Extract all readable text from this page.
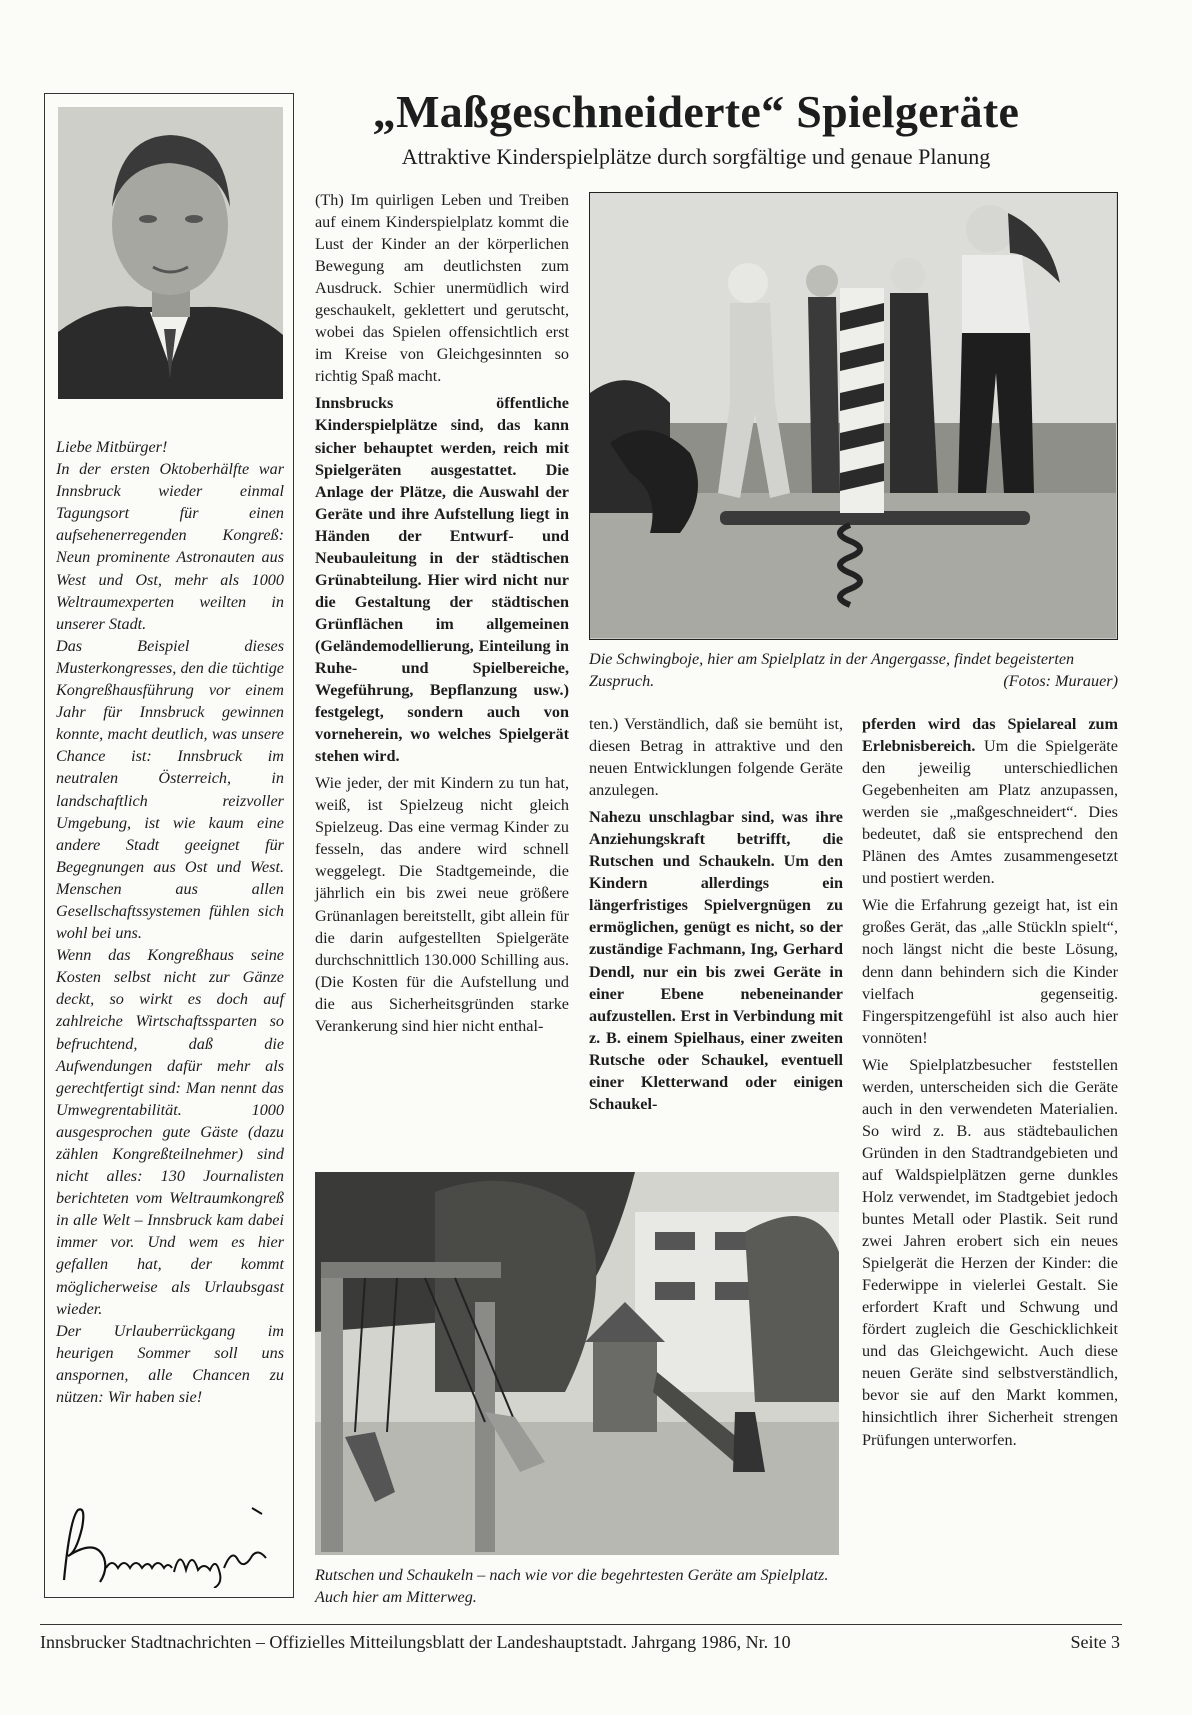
Liebe Mitbürger!

In der ersten Oktoberhälfte war Innsbruck wieder einmal Tagungsort für einen aufsehenerregenden Kongreß: Neun prominente Astronauten aus West und Ost, mehr als 1000 Weltraumexperten weilten in unserer Stadt.

Das Beispiel dieses Musterkongresses, den die tüchtige Kongreßhausführung vor einem Jahr für Innsbruck gewinnen konnte, macht deutlich, was unsere Chance ist: Innsbruck im neutralen Österreich, in landschaftlich reizvoller Umgebung, ist wie kaum eine andere Stadt geeignet für Begegnungen aus Ost und West. Menschen aus allen Gesellschaftssystemen fühlen sich wohl bei uns.

Wenn das Kongreßhaus seine Kosten selbst nicht zur Gänze deckt, so wirkt es doch auf zahlreiche Wirtschaftssparten so befruchtend, daß die Aufwendungen dafür mehr als gerechtfertigt sind: Man nennt das Umwegrentabilität. 1000 ausgesprochen gute Gäste (dazu zählen Kongreßteilnehmer) sind nicht alles: 130 Journalisten berichteten vom Weltraumkongreß in alle Welt – Innsbruck kam dabei immer vor. Und wem es hier gefallen hat, der kommt möglicherweise als Urlaubsgast wieder.

Der Urlauberrückgang im heurigen Sommer soll uns anspornen, alle Chancen zu nützen: Wir haben sie!

„Maßgeschneiderte“ Spielgeräte
Attraktive Kinderspielplätze durch sorgfältige und genaue Planung

(Th) Im quirligen Leben und Treiben auf einem Kinderspielplatz kommt die Lust der Kinder an der körperlichen Bewegung am deutlichsten zum Ausdruck. Schier unermüdlich wird geschaukelt, geklettert und gerutscht, wobei das Spielen offensichtlich erst im Kreise von Gleichgesinnten so richtig Spaß macht.

Innsbrucks öffentliche Kinderspielplätze sind, das kann sicher behauptet werden, reich mit Spielgeräten ausgestattet. Die Anlage der Plätze, die Auswahl der Geräte und ihre Aufstellung liegt in Händen der Entwurf- und Neubauleitung in der städtischen Grünabteilung. Hier wird nicht nur die Gestaltung der städtischen Grünflächen im allgemeinen (Geländemodellierung, Einteilung in Ruhe- und Spielbereiche, Wegeführung, Bepflanzung usw.) festgelegt, sondern auch von vorneherein, wo welches Spielgerät stehen wird.

Wie jeder, der mit Kindern zu tun hat, weiß, ist Spielzeug nicht gleich Spielzeug. Das eine vermag Kinder zu fesseln, das andere wird schnell weggelegt. Die Stadtgemeinde, die jährlich ein bis zwei neue größere Grünanlagen bereitstellt, gibt allein für die darin aufgestellten Spielgeräte durchschnittlich 130.000 Schilling aus. (Die Kosten für die Aufstellung und die aus Sicherheitsgründen starke Verankerung sind hier nicht enthal-

Die Schwingboje, hier am Spielplatz in der Angergasse, findet begeisterten Zuspruch.	(Fotos: Murauer)

ten.) Verständlich, daß sie bemüht ist, diesen Betrag in attraktive und den neuen Entwicklungen folgende Geräte anzulegen.

Nahezu unschlagbar sind, was ihre Anziehungskraft betrifft, die Rutschen und Schaukeln. Um den Kindern allerdings ein längerfristiges Spielvergnügen zu ermöglichen, genügt es nicht, so der zuständige Fachmann, Ing, Gerhard Dendl, nur ein bis zwei Geräte in einer Ebene nebeneinander aufzustellen. Erst in Verbindung mit z. B. einem Spielhaus, einer zweiten Rutsche oder Schaukel, eventuell einer Kletterwand oder einigen Schaukel-

pferden wird das Spielareal zum Erlebnisbereich. Um die Spielgeräte den jeweilig unterschiedlichen Gegebenheiten am Platz anzupassen, werden sie „maßgeschneidert“. Dies bedeutet, daß sie entsprechend den Plänen des Amtes zusammengesetzt und postiert werden.

Wie die Erfahrung gezeigt hat, ist ein großes Gerät, das „alle Stückln spielt“, noch längst nicht die beste Lösung, denn dann behindern sich die Kinder vielfach gegenseitig. Fingerspitzengefühl ist also auch hier vonnöten!

Wie Spielplatzbesucher feststellen werden, unterscheiden sich die Geräte auch in den verwendeten Materialien. So wird z. B. aus städtebaulichen Gründen in den Stadtrandgebieten und auf Waldspielplätzen gerne dunkles Holz verwendet, im Stadtgebiet jedoch buntes Metall oder Plastik. Seit rund zwei Jahren erobert sich ein neues Spielgerät die Herzen der Kinder: die Federwippe in vielerlei Gestalt. Sie erfordert Kraft und Schwung und fördert zugleich die Geschicklichkeit und das Gleichgewicht. Auch diese neuen Geräte sind selbstverständlich, bevor sie auf den Markt kommen, hinsichtlich ihrer Sicherheit strengen Prüfungen unterworfen.

Rutschen und Schaukeln – nach wie vor die begehrtesten Geräte am Spielplatz. Auch hier am Mitterweg.
Innsbrucker Stadtnachrichten – Offizielles Mitteilungsblatt der Landeshauptstadt. Jahrgang 1986, Nr. 10	Seite 3
